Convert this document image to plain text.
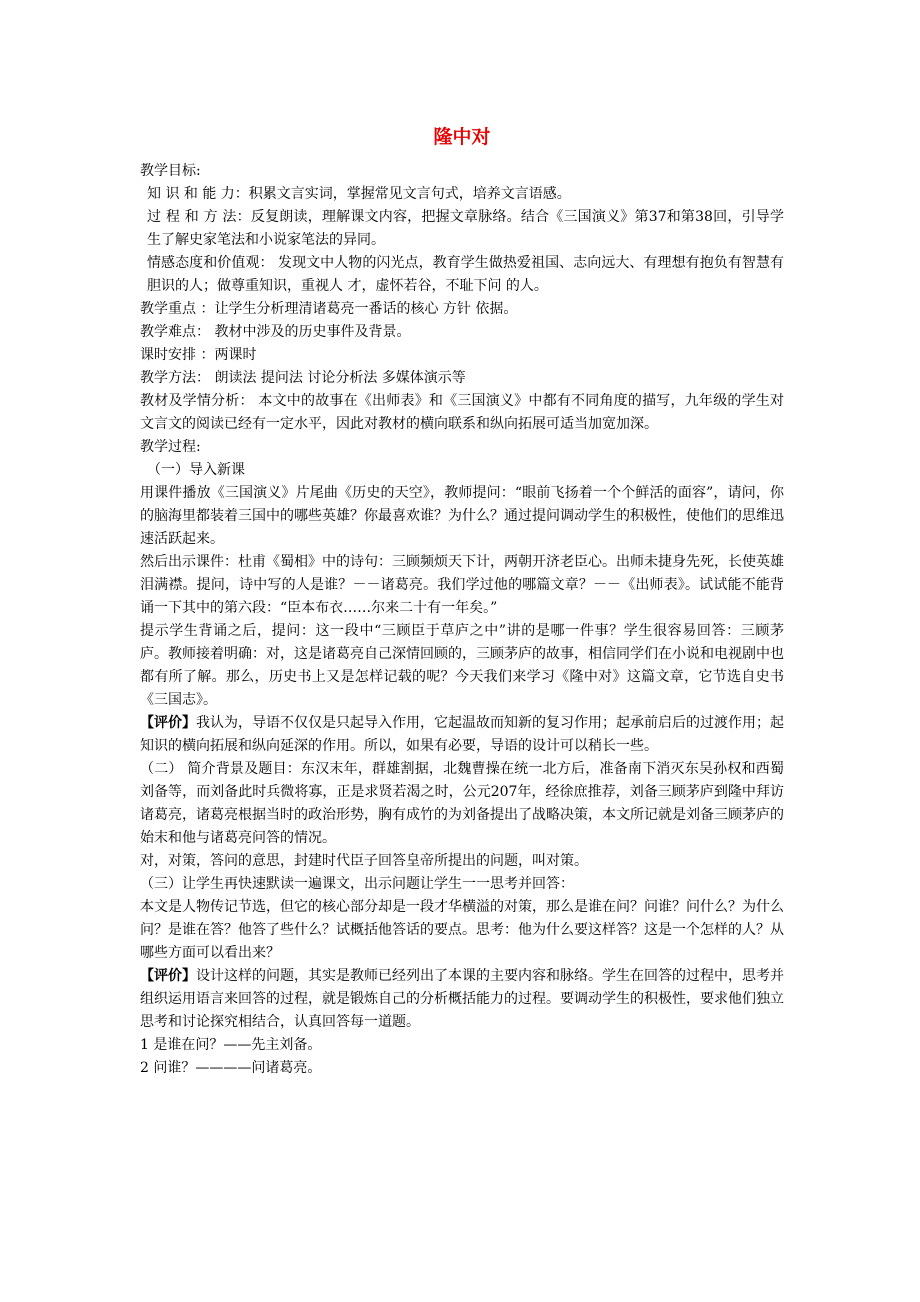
隆中对

教学目标:

知 识 和 能 力：积累文言实词，掌握常见文言句式，培养文言语感。

过 程 和 方 法：反复朗读，理解课文内容，把握文章脉络。结合《三国演义》第37和第38回，引导学生了解史家笔法和小说家笔法的异同。

情感态度和价值观： 发现文中人物的闪光点，教育学生做热爱祖国、志向远大、有理想有抱负有智慧有胆识的人；做尊重知识，重视人 才，虚怀若谷，不耻下问 的人。

教学重点 ：让学生分析理清诸葛亮一番话的核心 方针 依据。

教学难点： 教材中涉及的历史事件及背景。

课时安排 ：两课时

教学方法： 朗读法 提问法 讨论分析法 多媒体演示等

教材及学情分析： 本文中的故事在《出师表》和《三国演义》中都有不同角度的描写，九年级的学生对文言文的阅读已经有一定水平，因此对教材的横向联系和纵向拓展可适当加宽加深。

教学过程:

（一）导入新课

用课件播放《三国演义》片尾曲《历史的天空》，教师提问：“眼前飞扬着一个个鲜活的面容”，请问，你的脑海里都装着三国中的哪些英雄？你最喜欢谁？为什么？通过提问调动学生的积极性，使他们的思维迅速活跃起来。

然后出示课件：杜甫《蜀相》中的诗句：三顾频烦天下计，两朝开济老臣心。出师未捷身先死，长使英雄泪满襟。提问，诗中写的人是谁？－－诸葛亮。我们学过他的哪篇文章？－－《出师表》。试试能不能背诵一下其中的第六段：“臣本布衣……尔来二十有一年矣。”

提示学生背诵之后，提问：这一段中“三顾臣于草庐之中”讲的是哪一件事？学生很容易回答：三顾茅庐。教师接着明确：对，这是诸葛亮自己深情回顾的，三顾茅庐的故事，相信同学们在小说和电视剧中也都有所了解。那么，历史书上又是怎样记载的呢？今天我们来学习《隆中对》这篇文章，它节选自史书《三国志》。

【评价】我认为，导语不仅仅是只起导入作用，它起温故而知新的复习作用；起承前启后的过渡作用；起知识的横向拓展和纵向延深的作用。所以，如果有必要，导语的设计可以稍长一些。

（二） 简介背景及题目：东汉末年，群雄割据，北魏曹操在统一北方后，准备南下消灭东吴孙权和西蜀刘备等，而刘备此时兵微将寡，正是求贤若渴之时，公元207年，经徐庶推荐，刘备三顾茅庐到隆中拜访诸葛亮，诸葛亮根据当时的政治形势，胸有成竹的为刘备提出了战略决策，本文所记就是刘备三顾茅庐的始末和他与诸葛亮问答的情况。

对，对策，答问的意思，封建时代臣子回答皇帝所提出的问题，叫对策。

（三）让学生再快速默读一遍课文，出示问题让学生一一思考并回答：

本文是人物传记节选，但它的核心部分却是一段才华横溢的对策，那么是谁在问？问谁？问什么？为什么问？是谁在答？他答了些什么？试概括他答话的要点。思考：他为什么要这样答？这是一个怎样的人？从哪些方面可以看出来？

【评价】设计这样的问题，其实是教师已经列出了本课的主要内容和脉络。学生在回答的过程中，思考并组织运用语言来回答的过程，就是锻炼自己的分析概括能力的过程。要调动学生的积极性，要求他们独立思考和讨论探究相结合，认真回答每一道题。

1 是谁在问？——先主刘备。

2 问谁？————问诸葛亮。
